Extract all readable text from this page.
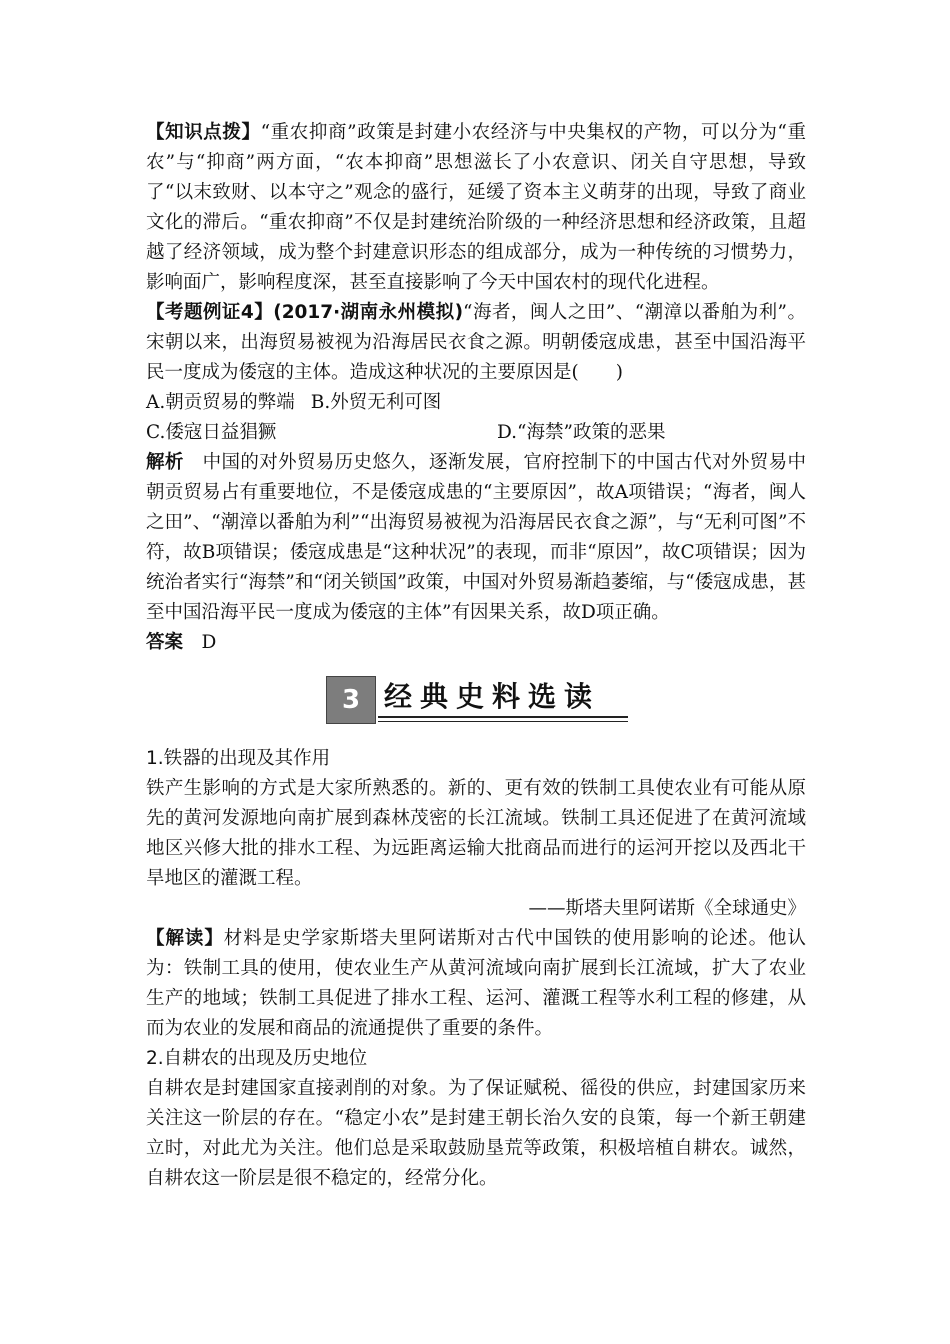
【知识点拨】“重农抑商”政策是封建小农经济与中央集权的产物，可以分为“重农”与“抑商”两方面，“农本抑商”思想滋长了小农意识、闭关自守思想，导致了“以末致财、以本守之”观念的盛行，延缓了资本主义萌芽的出现，导致了商业文化的滞后。“重农抑商”不仅是封建统治阶级的一种经济思想和经济政策，且超越了经济领域，成为整个封建意识形态的组成部分，成为一种传统的习惯势力，影响面广，影响程度深，甚至直接影响了今天中国农村的现代化进程。

【考题例证4】(2017·湖南永州模拟)“海者，闽人之田”、“潮漳以番舶为利”。宋朝以来，出海贸易被视为沿海居民衣食之源。明朝倭寇成患，甚至中国沿海平民一度成为倭寇的主体。造成这种状况的主要原因是(　　)

A.朝贡贸易的弊端 B.外贸无利可图
C.倭寇日益猖獗	D.“海禁”政策的恶果

解析　 中国的对外贸易历史悠久，逐渐发展，官府控制下的中国古代对外贸易中朝贡贸易占有重要地位，不是倭寇成患的“主要原因”，故A项错误；“海者，闽人之田”、“潮漳以番舶为利”“出海贸易被视为沿海居民衣食之源”，与“无利可图”不符，故B项错误；倭寇成患是“这种状况”的表现，而非“原因”，故C项错误；因为统治者实行“海禁”和“闭关锁国”政策，中国对外贸易渐趋萎缩，与“倭寇成患，甚至中国沿海平民一度成为倭寇的主体”有因果关系，故D项正确。

答案　 D

3 经典史料选读

1.铁器的出现及其作用

铁产生影响的方式是大家所熟悉的。新的、更有效的铁制工具使农业有可能从原先的黄河发源地向南扩展到森林茂密的长江流域。铁制工具还促进了在黄河流域地区兴修大批的排水工程、为远距离运输大批商品而进行的运河开挖以及西北干旱地区的灌溉工程。

——斯塔夫里阿诺斯《全球通史》

【解读】材料是史学家斯塔夫里阿诺斯对古代中国铁的使用影响的论述。他认为：铁制工具的使用，使农业生产从黄河流域向南扩展到长江流域，扩大了农业生产的地域；铁制工具促进了排水工程、运河、灌溉工程等水利工程的修建，从而为农业的发展和商品的流通提供了重要的条件。

2.自耕农的出现及历史地位

自耕农是封建国家直接剥削的对象。为了保证赋税、徭役的供应，封建国家历来关注这一阶层的存在。“稳定小农”是封建王朝长治久安的良策，每一个新王朝建立时，对此尤为关注。他们总是采取鼓励垦荒等政策，积极培植自耕农。诚然，自耕农这一阶层是很不稳定的，经常分化。
